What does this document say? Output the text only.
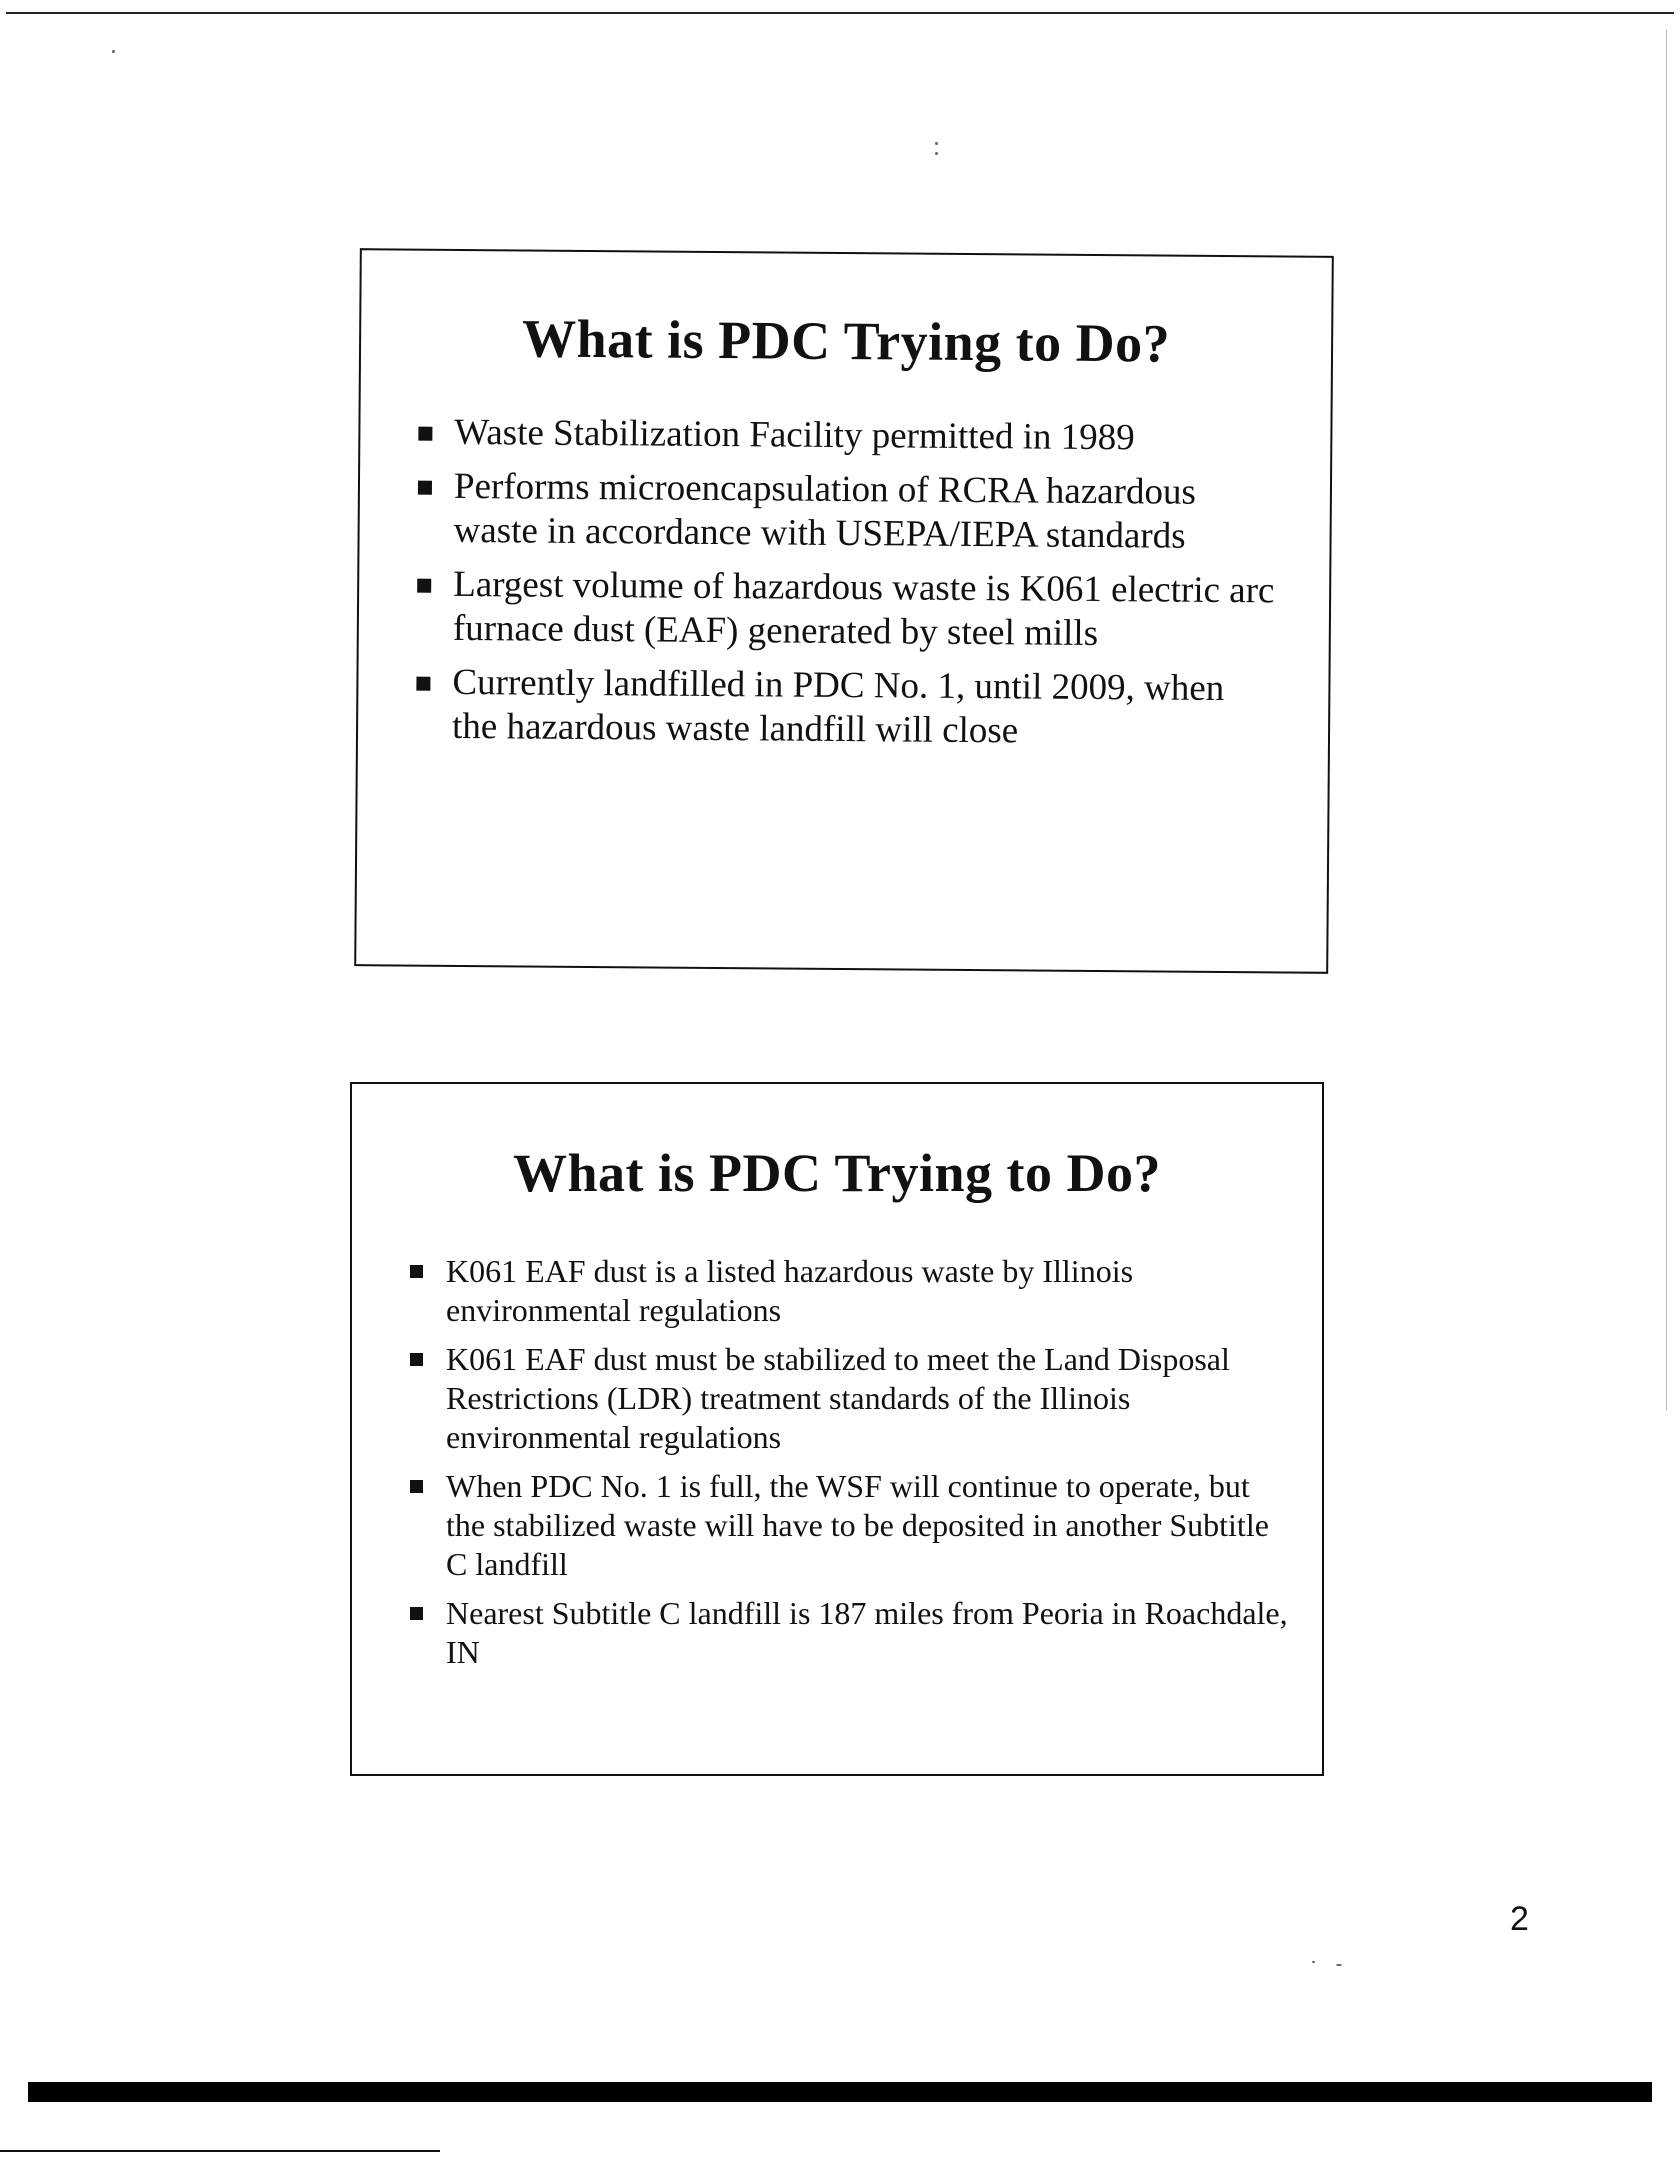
What is PDC Trying to Do?
Waste Stabilization Facility permitted in 1989
Performs microencapsulation of RCRA hazardous waste in accordance with USEPA/IEPA standards
Largest volume of hazardous waste is K061 electric arc furnace dust (EAF) generated by steel mills
Currently landfilled in PDC No. 1, until 2009, when the hazardous waste landfill will close
What is PDC Trying to Do?
K061 EAF dust is a listed hazardous waste by Illinois environmental regulations
K061 EAF dust must be stabilized to meet the Land Disposal Restrictions (LDR) treatment standards of the Illinois environmental regulations
When PDC No. 1 is full, the WSF will continue to operate, but the stabilized waste will have to be deposited in another Subtitle C landfill
Nearest Subtitle C landfill is 187 miles from Peoria in Roachdale, IN
2
